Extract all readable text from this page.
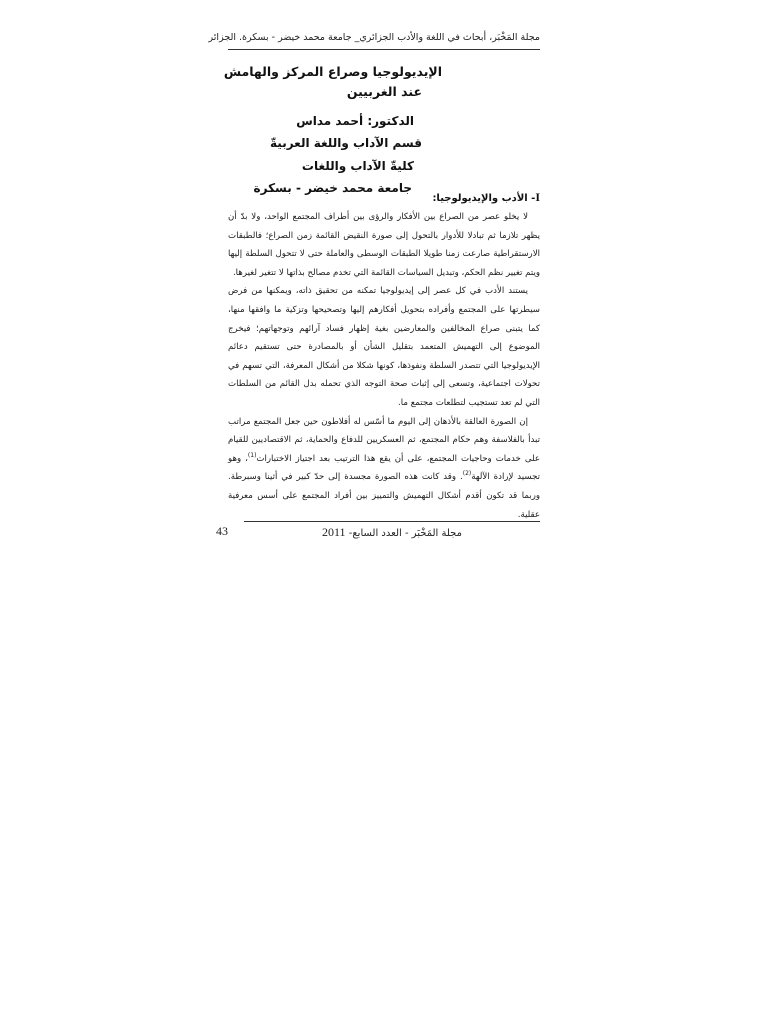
مجلة المَخْبَر، أبحاث في اللغة والأدب الجزائري_ جامعة محمد خيضر - بسكرة. الجزائر
الإيديولوجيا وصراع المركز والهامش
عند الغربيين
الدكتور: أحمد مداس
قسم الآداب واللغة العربيةّ
كليةّ الآداب واللغات
جامعة محمد خيضر - بسكرة
I- الأدب والإيديولوجيا:

لا يخلو عصر من الصراع بين الأفكار والرؤى بين أطراف المجتمع الواحد، ولا بدّ أن يظهر تلازما ثم تبادلا للأدوار بالتحول إلى صورة النقيض القائمة زمن الصراع؛ فالطبقات الارستقراطية صارعت زمنا طويلا الطبقات الوسطى والعاملة حتى لا تتحول السلطة إليها ويتم تغيير نظم الحكم، وتبديل السياسات القائمة التي تخدم مصالح بذاتها لا تتغير لغيرها.

يستند الأدب في كل عصر إلى إيديولوجيا تمكنه من تحقيق ذاته، ويمكنها من فرض سيطرتها على المجتمع وأفراده بتحويل أفكارهم إليها وتصحيحها وتزكية ما وافقها منها، كما يتبنى صراع المخالفين والمعارضين بغية إظهار فساد آرائهم وتوجهاتهم؛ فيخرج الموضوع إلى التهميش المتعمد بتقليل الشأن أو بالمصادرة حتى تستقيم دعائم الإيديولوجيا التي تتصدر السلطة ونفوذها، كونها شكلا من أشكال المعرفة، التي تسهم في تحولات اجتماعية، وتسعى إلى إثبات صحة التوجه الذي تحمله بدل القائم من السلطات التي لم تعد تستجيب لتطلعات مجتمع ما.

إن الصورة العالقة بالأذهان إلى اليوم ما أسّس له أفلاطون حين جعل المجتمع مراتب تبدأ بالفلاسفة وهم حكام المجتمع، ثم العسكريين للدفاع والحماية، ثم الاقتصاديين للقيام على خدمات وحاجيات المجتمع، على أن يقع هذا الترتيب بعد اجتياز الاختبارات$^{(1)}$، وهو تجسيد لإرادة الآلهة$^{(2)}$. وقد كانت هذه الصورة مجسدة إلى حدّ كبير في أثينا وسبرطة. وربما قد تكون أقدم أشكال التهميش والتمييز بين أفراد المجتمع على أسس معرفية عقلية.

مجلة المَخْبَر - العدد السابع- 2011
43
